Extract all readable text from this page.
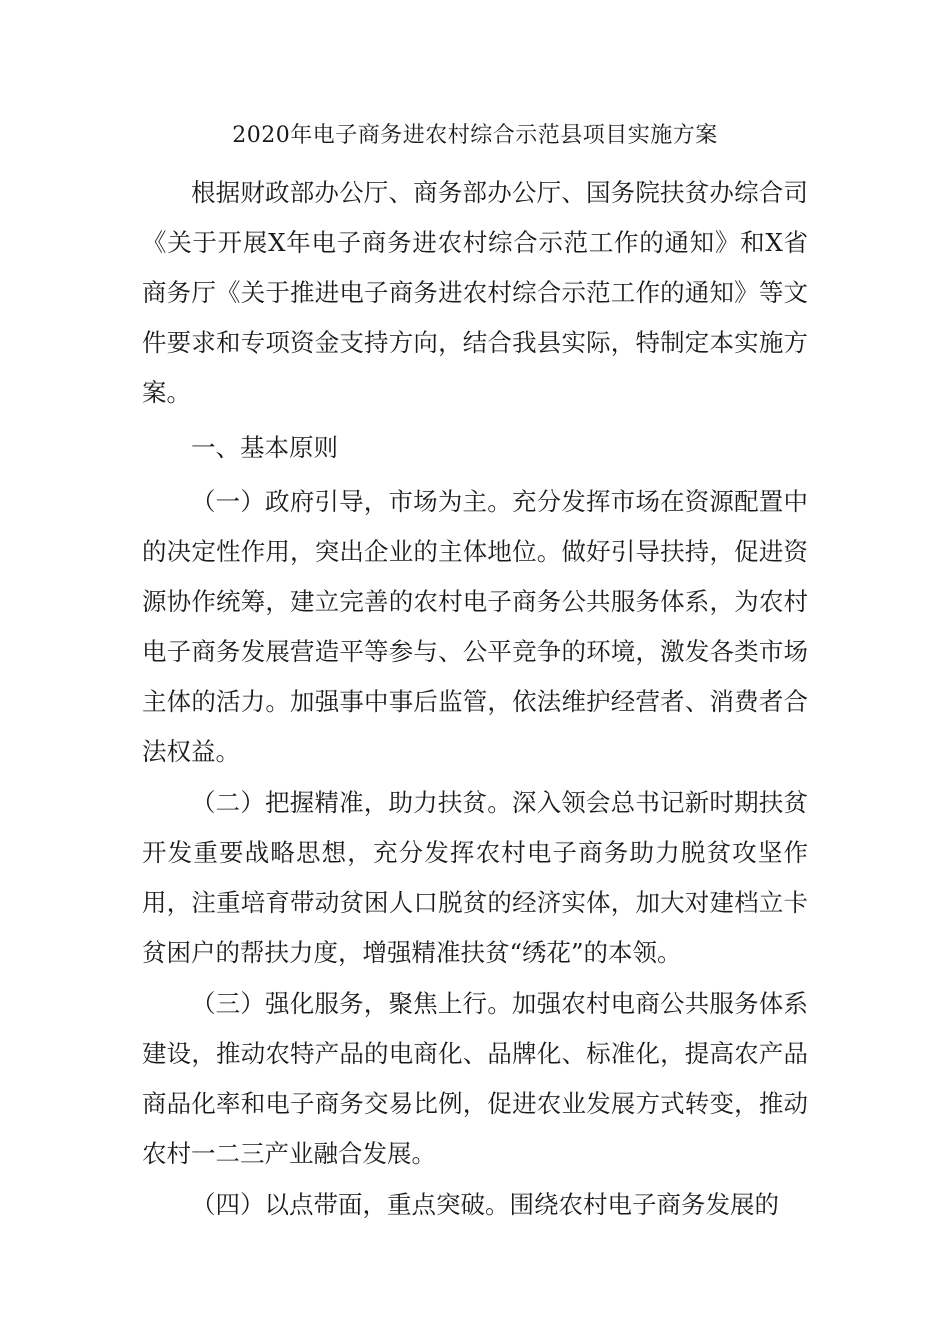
2020年电子商务进农村综合示范县项目实施方案

根据财政部办公厅、商务部办公厅、国务院扶贫办综合司《关于开展X年电子商务进农村综合示范工作的通知》和X省商务厅《关于推进电子商务进农村综合示范工作的通知》等文件要求和专项资金支持方向，结合我县实际，特制定本实施方案。

一、基本原则

（一）政府引导，市场为主。充分发挥市场在资源配置中的决定性作用，突出企业的主体地位。做好引导扶持，促进资源协作统筹，建立完善的农村电子商务公共服务体系，为农村电子商务发展营造平等参与、公平竞争的环境，激发各类市场主体的活力。加强事中事后监管，依法维护经营者、消费者合法权益。

（二）把握精准，助力扶贫。深入领会总书记新时期扶贫开发重要战略思想，充分发挥农村电子商务助力脱贫攻坚作用，注重培育带动贫困人口脱贫的经济实体，加大对建档立卡贫困户的帮扶力度，增强精准扶贫“绣花”的本领。

（三）强化服务，聚焦上行。加强农村电商公共服务体系建设，推动农特产品的电商化、品牌化、标准化，提高农产品商品化率和电子商务交易比例，促进农业发展方式转变，推动农村一二三产业融合发展。

（四）以点带面，重点突破。围绕农村电子商务发展的
